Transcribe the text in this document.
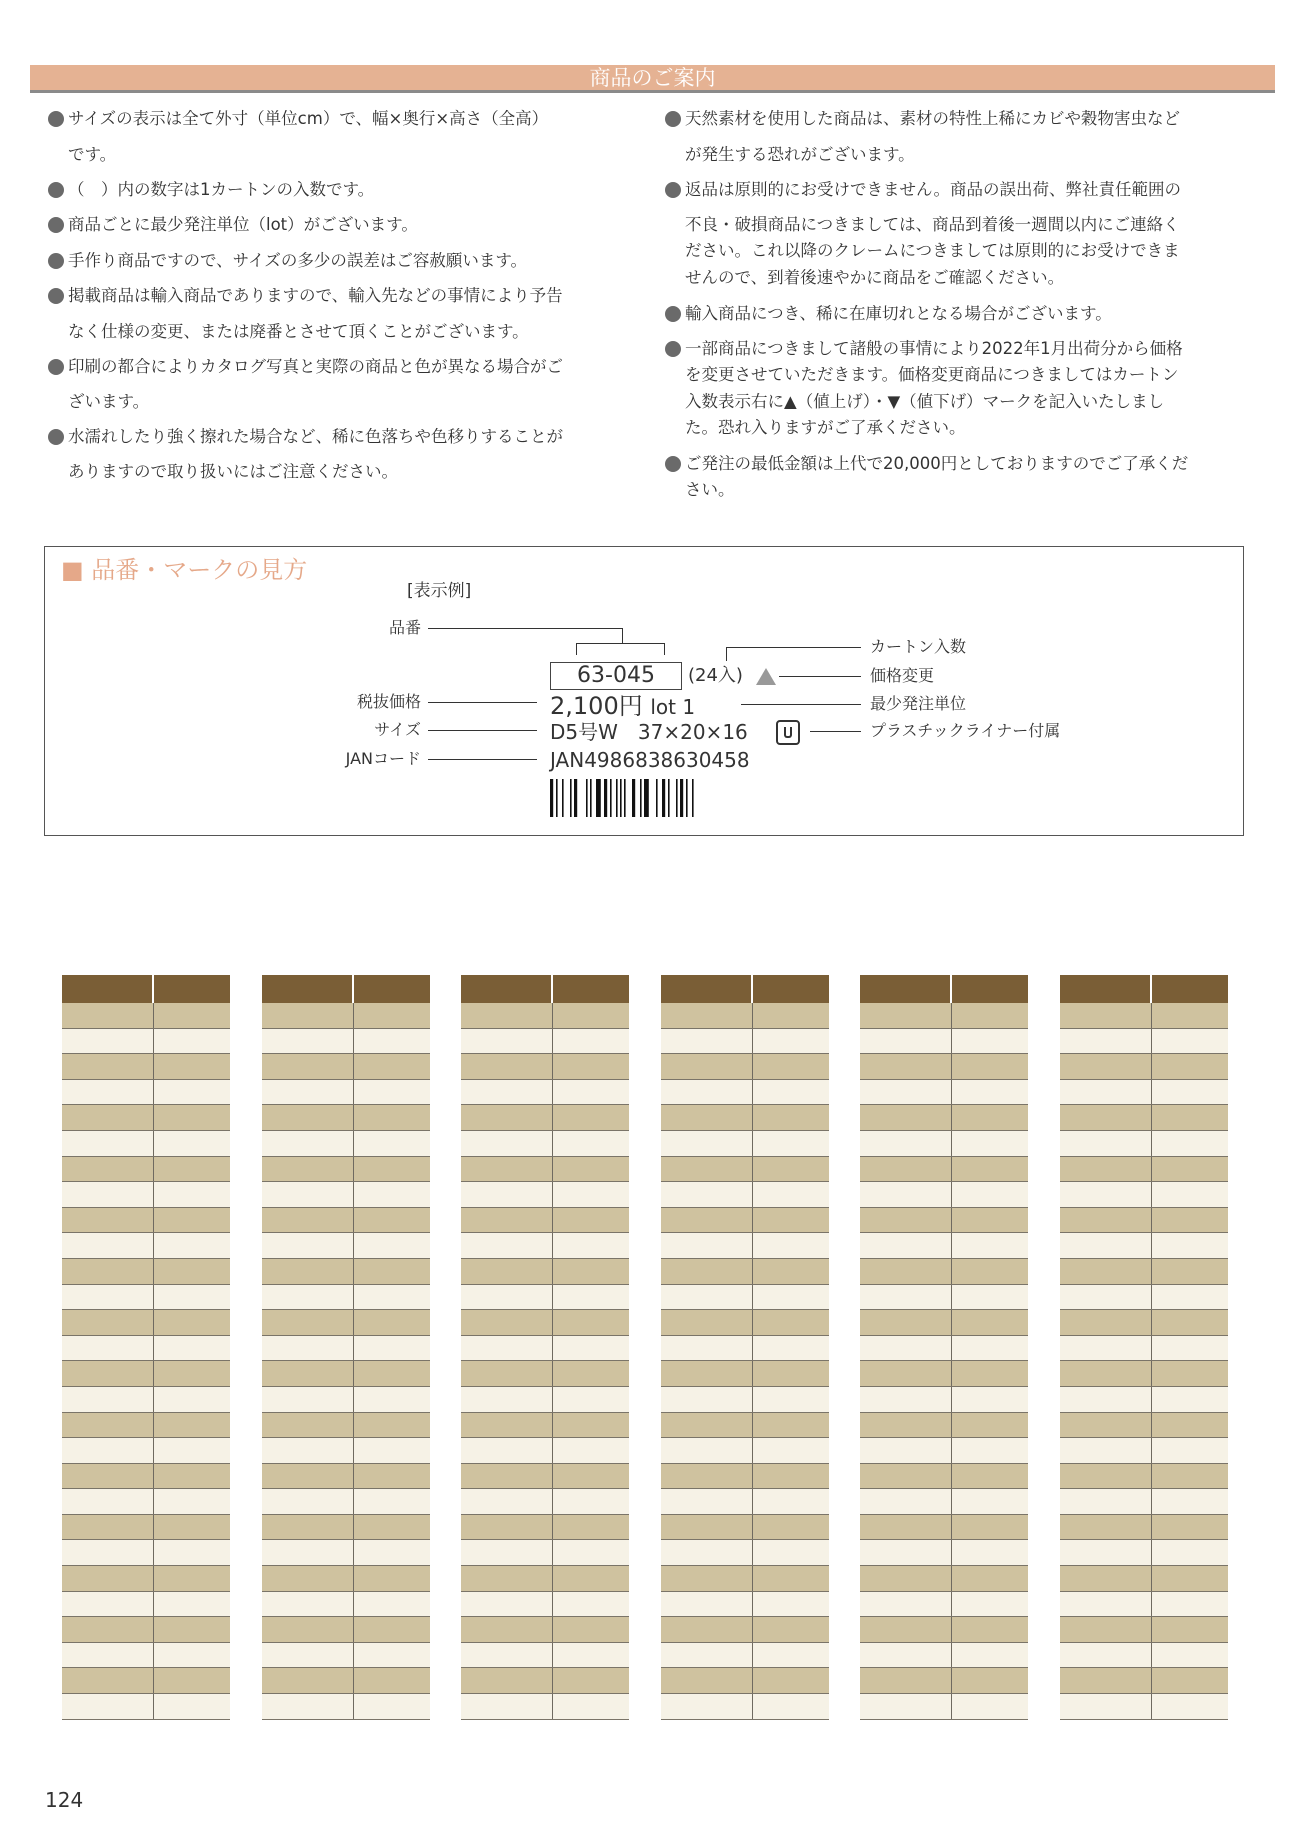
商品のご案内
サイズの表示は全て外寸（単位cm）で、幅×奥行×高さ（全高）
です。
（　）内の数字は1カートンの入数です。
商品ごとに最少発注単位（lot）がございます。
手作り商品ですので、サイズの多少の誤差はご容赦願います。
掲載商品は輸入商品でありますので、輸入先などの事情により予告
なく仕様の変更、または廃番とさせて頂くことがございます。
印刷の都合によりカタログ写真と実際の商品と色が異なる場合がご
ざいます。
水濡れしたり強く擦れた場合など、稀に色落ちや色移りすることが
ありますので取り扱いにはご注意ください。
天然素材を使用した商品は、素材の特性上稀にカビや穀物害虫など
が発生する恐れがございます。
返品は原則的にお受けできません。商品の誤出荷、弊社責任範囲の
不良・破損商品につきましては、商品到着後一週間以内にご連絡く
ださい。これ以降のクレームにつきましては原則的にお受けできま
せんので、到着後速やかに商品をご確認ください。
輸入商品につき、稀に在庫切れとなる場合がございます。
一部商品につきまして諸般の事情により2022年1月出荷分から価格
を変更させていただきます。価格変更商品につきましてはカートン
入数表示右に▲（値上げ）・▼（値下げ）マークを記入いたしまし
た。恐れ入りますがご了承ください。
ご発注の最低金額は上代で20,000円としておりますのでご了承くだ
さい。
■ 品番・マークの見方
[表示例]
品番
63-045	(24入)
カートン入数
価格変更
税抜価格	2,100円 lot 1	最少発注単位
サイズ	D5号W　37×20×16	プラスチックライナー付属
JANコード	JAN4986838630458
124
